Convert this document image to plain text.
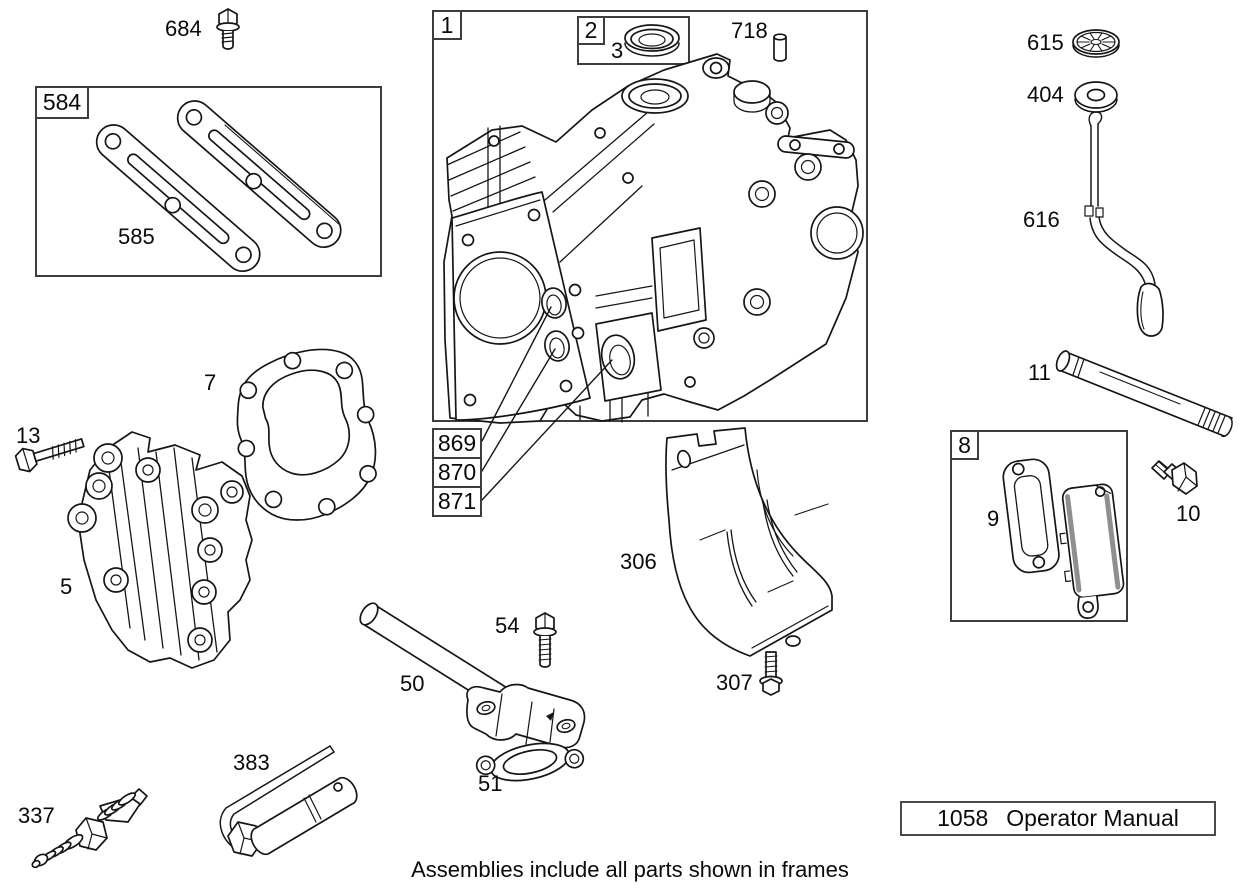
584
1	2
8
869
870
871
684
585
3
718	615
404
616
11
9	10
306
307
13
7
5
54
50
51
383
337	1058 Operator Manual
Assemblies include all parts shown in frames
